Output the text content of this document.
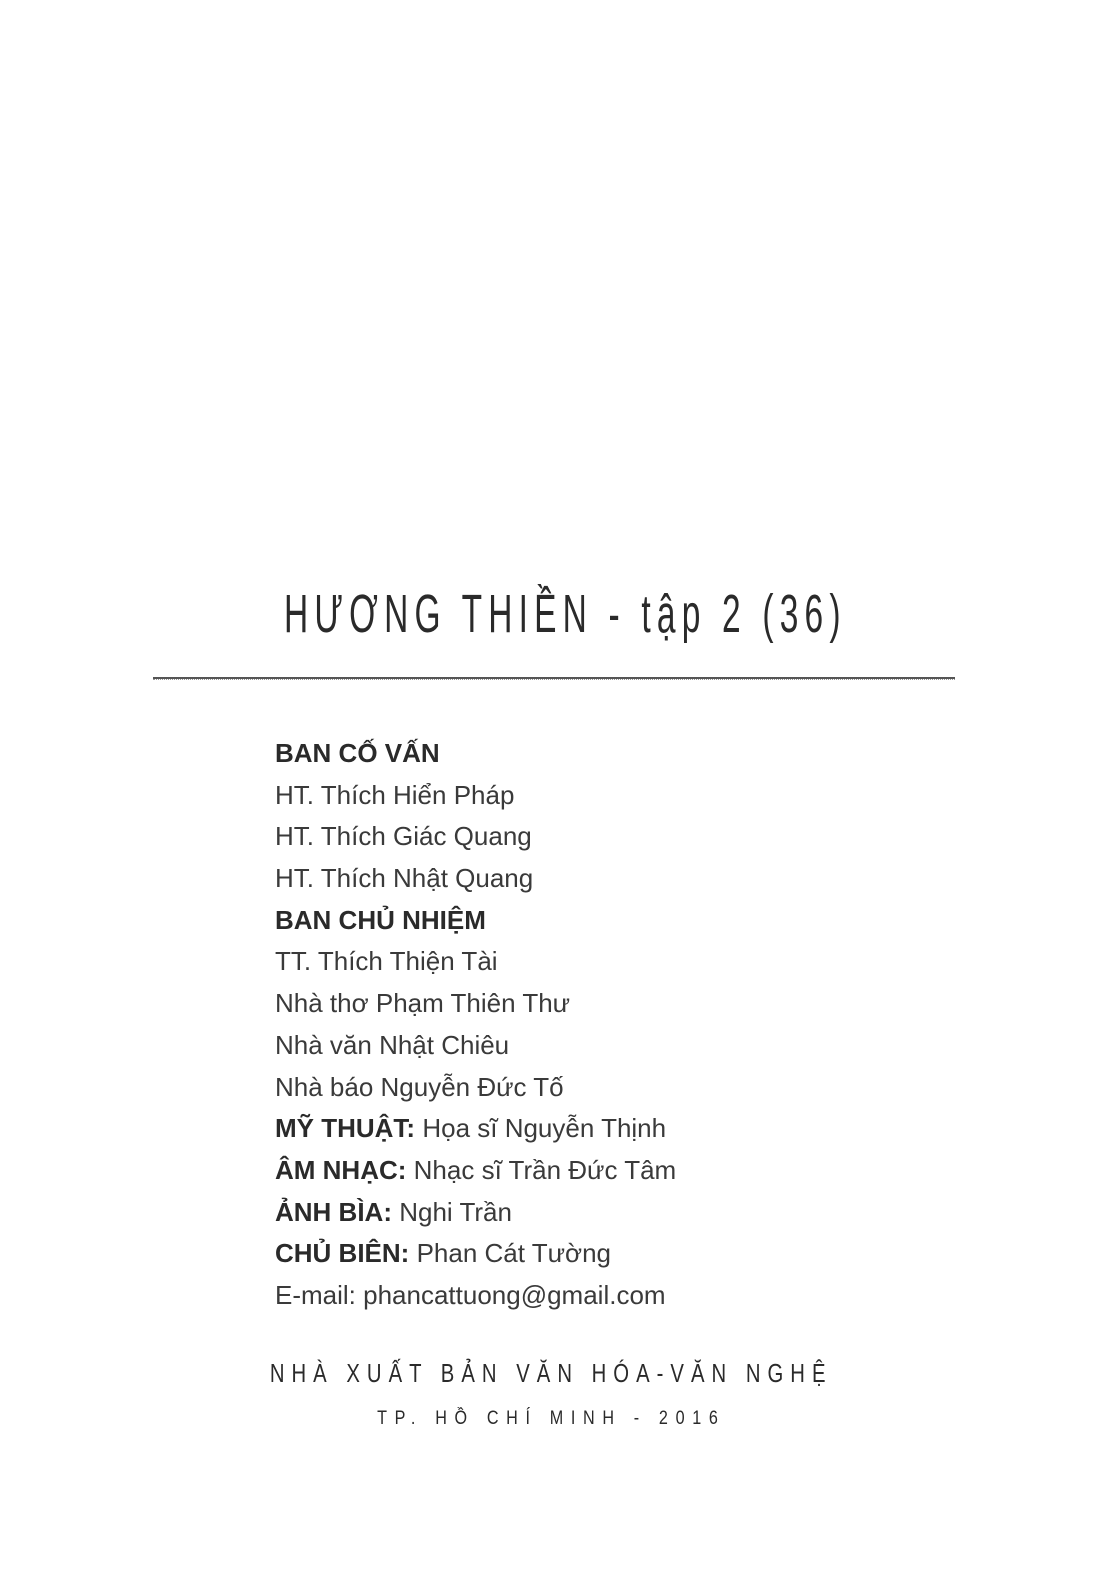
HƯƠNG THIỀN - tập 2 (36)
BAN CỐ VẤN
HT. Thích Hiển Pháp
HT. Thích Giác Quang
HT. Thích Nhật Quang
BAN CHỦ NHIỆM
TT. Thích Thiện Tài
Nhà thơ Phạm Thiên Thư
Nhà văn Nhật Chiêu
Nhà báo Nguyễn Đức Tố
MỸ THUẬT: Họa sĩ Nguyễn Thịnh
ÂM NHẠC: Nhạc sĩ Trần Đức Tâm
ẢNH BÌA: Nghi Trần
CHỦ BIÊN: Phan Cát Tường
E-mail: phancattuong@gmail.com
NHÀ XUẤT BẢN VĂN HÓA-VĂN NGHỆ
TP. HỒ CHÍ MINH - 2016
